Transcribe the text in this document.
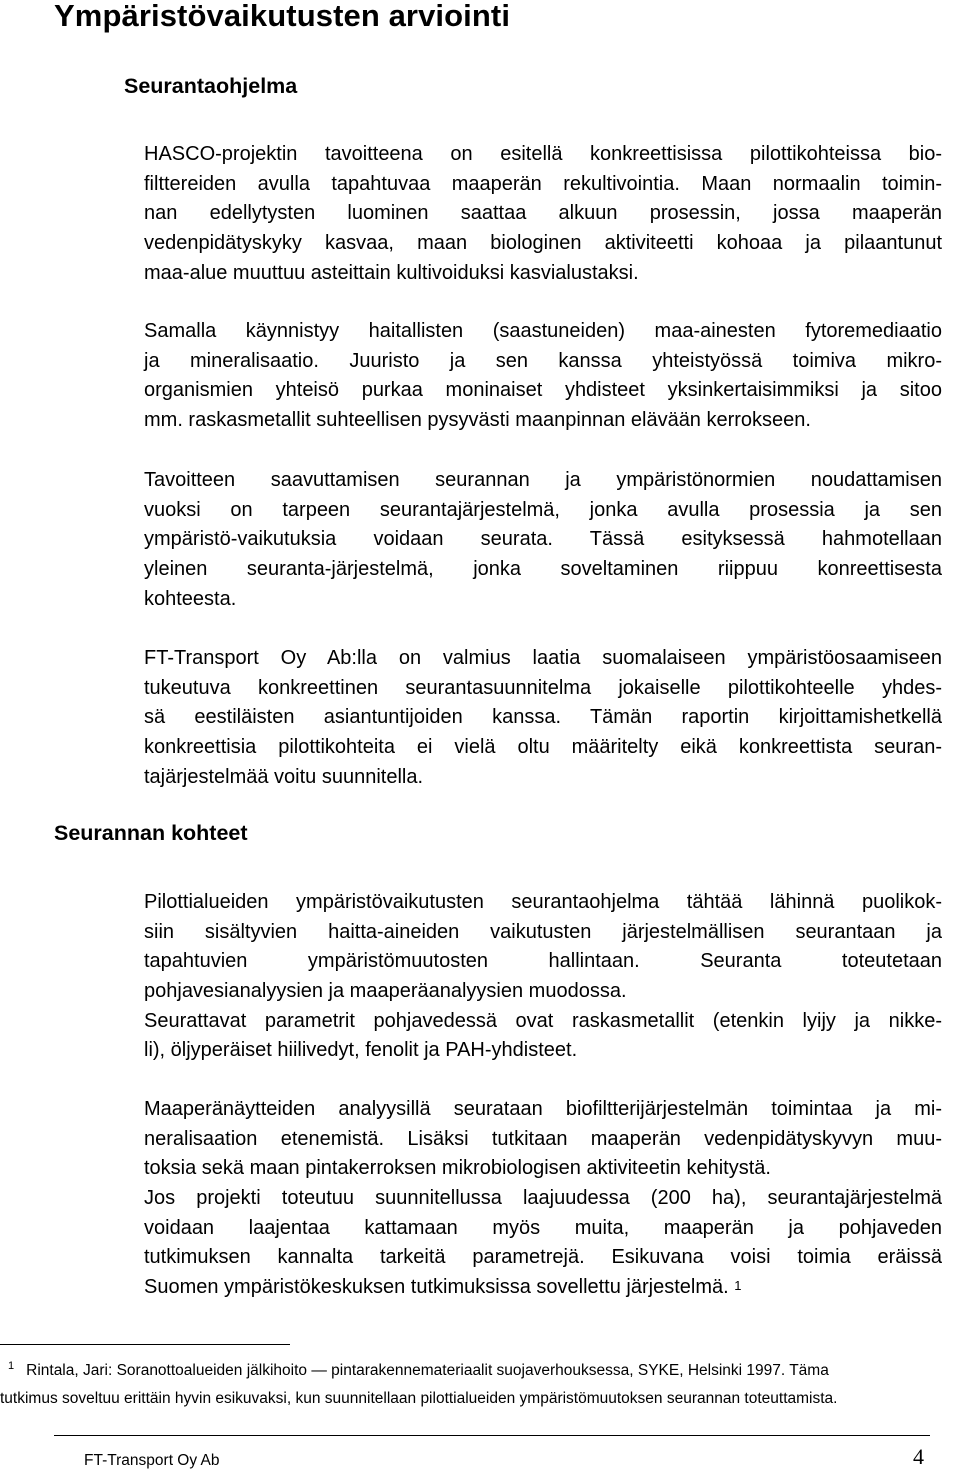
Ympäristövaikutusten arviointi
Seurantaohjelma
HASCO-projektin tavoitteena on esitellä konkreettisissa pilottikohteissa bio-
filttereiden avulla tapahtuvaa maaperän rekultivointia. Maan normaalin toimin-
nan edellytysten luominen saattaa alkuun prosessin, jossa maaperän
vedenpidätyskyky kasvaa, maan biologinen aktiviteetti kohoaa ja pilaantunut
maa-alue muuttuu asteittain kultivoiduksi kasvialustaksi.
Samalla käynnistyy haitallisten (saastuneiden) maa-ainesten fytoremediaatio
ja mineralisaatio. Juuristo ja sen kanssa yhteistyössä toimiva mikro-
organismien yhteisö purkaa moninaiset yhdisteet yksinkertaisimmiksi ja sitoo
mm. raskasmetallit suhteellisen pysyvästi maanpinnan elävään kerrokseen.
Tavoitteen saavuttamisen seurannan ja ympäristönormien noudattamisen
vuoksi on tarpeen seurantajärjestelmä, jonka avulla prosessia ja sen
ympäristö-vaikutuksia voidaan seurata. Tässä esityksessä hahmotellaan
yleinen seuranta-järjestelmä, jonka soveltaminen riippuu konreettisesta
kohteesta.
FT-Transport Oy Ab:lla on valmius laatia suomalaiseen ympäristöosaamiseen
tukeutuva konkreettinen seurantasuunnitelma jokaiselle pilottikohteelle yhdes-
sä eestiläisten asiantuntijoiden kanssa. Tämän raportin kirjoittamishetkellä
konkreettisia pilottikohteita ei vielä oltu määritelty eikä konkreettista seuran-
tajärjestelmää voitu suunnitella.
Seurannan kohteet
Pilottialueiden ympäristövaikutusten seurantaohjelma tähtää lähinnä puolikok-
siin sisältyvien haitta-aineiden vaikutusten järjestelmällisen seurantaan ja
tapahtuvien ympäristömuutosten hallintaan. Seuranta toteutetaan
pohjavesianalyysien ja maaperäanalyysien muodossa.
Seurattavat parametrit pohjavedessä ovat raskasmetallit (etenkin lyijy ja nikke-
li), öljyperäiset hiilivedyt, fenolit ja PAH-yhdisteet.
Maaperänäytteiden analyysillä seurataan biofiltterijärjestelmän toimintaa ja mi-
neralisaation etenemistä. Lisäksi tutkitaan maaperän vedenpidätyskyvyn muu-
toksia sekä maan pintakerroksen mikrobiologisen aktiviteetin kehitystä.
Jos projekti toteutuu suunnitellussa laajuudessa (200 ha), seurantajärjestelmä
voidaan laajentaa kattamaan myös muita, maaperän ja pohjaveden
tutkimuksen kannalta tarkeitä parametrejä. Esikuvana voisi toimia eräissä
Suomen ympäristökeskuksen tutkimuksissa sovellettu järjestelmä. $^1$
$^1$ Rintala, Jari: Soranottoalueiden jälkihoito — pintarakennemateriaalit suojaverhouksessa, SYKE, Helsinki 1997. Täma
tutkimus soveltuu erittäin hyvin esikuvaksi, kun suunnitellaan pilottialueiden ympäristömuutoksen seurannan toteuttamista.
FT-Transport Oy Ab	4
